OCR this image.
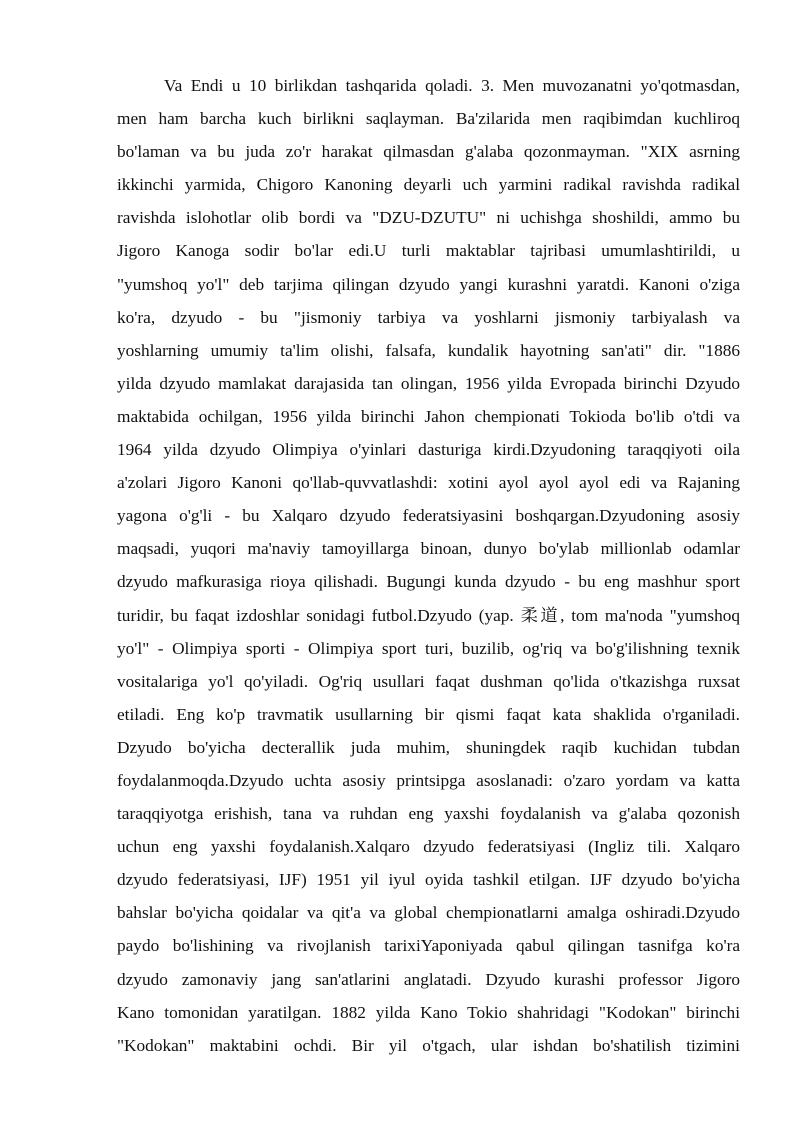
Va Endi u 10 birlikdan tashqarida qoladi. 3. Men muvozanatni yo'qotmasdan,
men ham barcha kuch birlikni saqlayman. Ba'zilarida men raqibimdan kuchliroq
bo'laman va bu juda zo'r harakat qilmasdan g'alaba qozonmayman. "XIX asrning
ikkinchi yarmida, Chigoro Kanoning deyarli uch yarmini radikal ravishda radikal
ravishda islohotlar olib bordi va "DZU-DZUTU" ni uchishga shoshildi, ammo bu
Jigoro Kanoga sodir bo'lar edi.U turli maktablar tajribasi umumlashtirildi, u
"yumshoq yo'l" deb tarjima qilingan dzyudo yangi kurashni yaratdi. Kanoni o'ziga
ko'ra, dzyudo - bu "jismoniy tarbiya va yoshlarni jismoniy tarbiyalash va
yoshlarning umumiy ta'lim olishi, falsafa, kundalik hayotning san'ati" dir. "1886
yilda dzyudo mamlakat darajasida tan olingan, 1956 yilda Evropada birinchi Dzyudo
maktabida ochilgan, 1956 yilda birinchi Jahon chempionati Tokioda bo'lib o'tdi va
1964 yilda dzyudo Olimpiya o'yinlari dasturiga kirdi.Dzyudoning taraqqiyoti oila
a'zolari Jigoro Kanoni qo'llab-quvvatlashdi: xotini ayol ayol ayol edi va Rajaning
yagona o'g'li - bu Xalqaro dzyudo federatsiyasini boshqargan.Dzyudoning asosiy
maqsadi, yuqori ma'naviy tamoyillarga binoan, dunyo bo'ylab millionlab odamlar
dzyudo mafkurasiga rioya qilishadi. Bugungi kunda dzyudo - bu eng mashhur sport
turidir, bu faqat izdoshlar sonidagi futbol.Dzyudo (yap. 柔道, tom ma'noda "yumshoq
yo'l" - Olimpiya sporti - Olimpiya sport turi, buzilib, og'riq va bo'g'ilishning texnik
vositalariga yo'l qo'yiladi. Og'riq usullari faqat dushman qo'lida o'tkazishga ruxsat
etiladi. Eng ko'p travmatik usullarning bir qismi faqat kata shaklida o'rganiladi.
Dzyudo bo'yicha decterallik juda muhim, shuningdek raqib kuchidan tubdan
foydalanmoqda.Dzyudo uchta asosiy printsipga asoslanadi: o'zaro yordam va katta
taraqqiyotga erishish, tana va ruhdan eng yaxshi foydalanish va g'alaba qozonish
uchun eng yaxshi foydalanish.Xalqaro dzyudo federatsiyasi (Ingliz tili. Xalqaro
dzyudo federatsiyasi, IJF) 1951 yil iyul oyida tashkil etilgan. IJF dzyudo bo'yicha
bahslar bo'yicha qoidalar va qit'a va global chempionatlarni amalga oshiradi.Dzyudo
paydo bo'lishining va rivojlanish tarixiYaponiyada qabul qilingan tasnifga ko'ra
dzyudo zamonaviy jang san'atlarini anglatadi. Dzyudo kurashi professor Jigoro
Kano tomonidan yaratilgan. 1882 yilda Kano Tokio shahridagi "Kodokan" birinchi
"Kodokan" maktabini ochdi. Bir yil o'tgach, ular ishdan bo'shatilish tizimini
